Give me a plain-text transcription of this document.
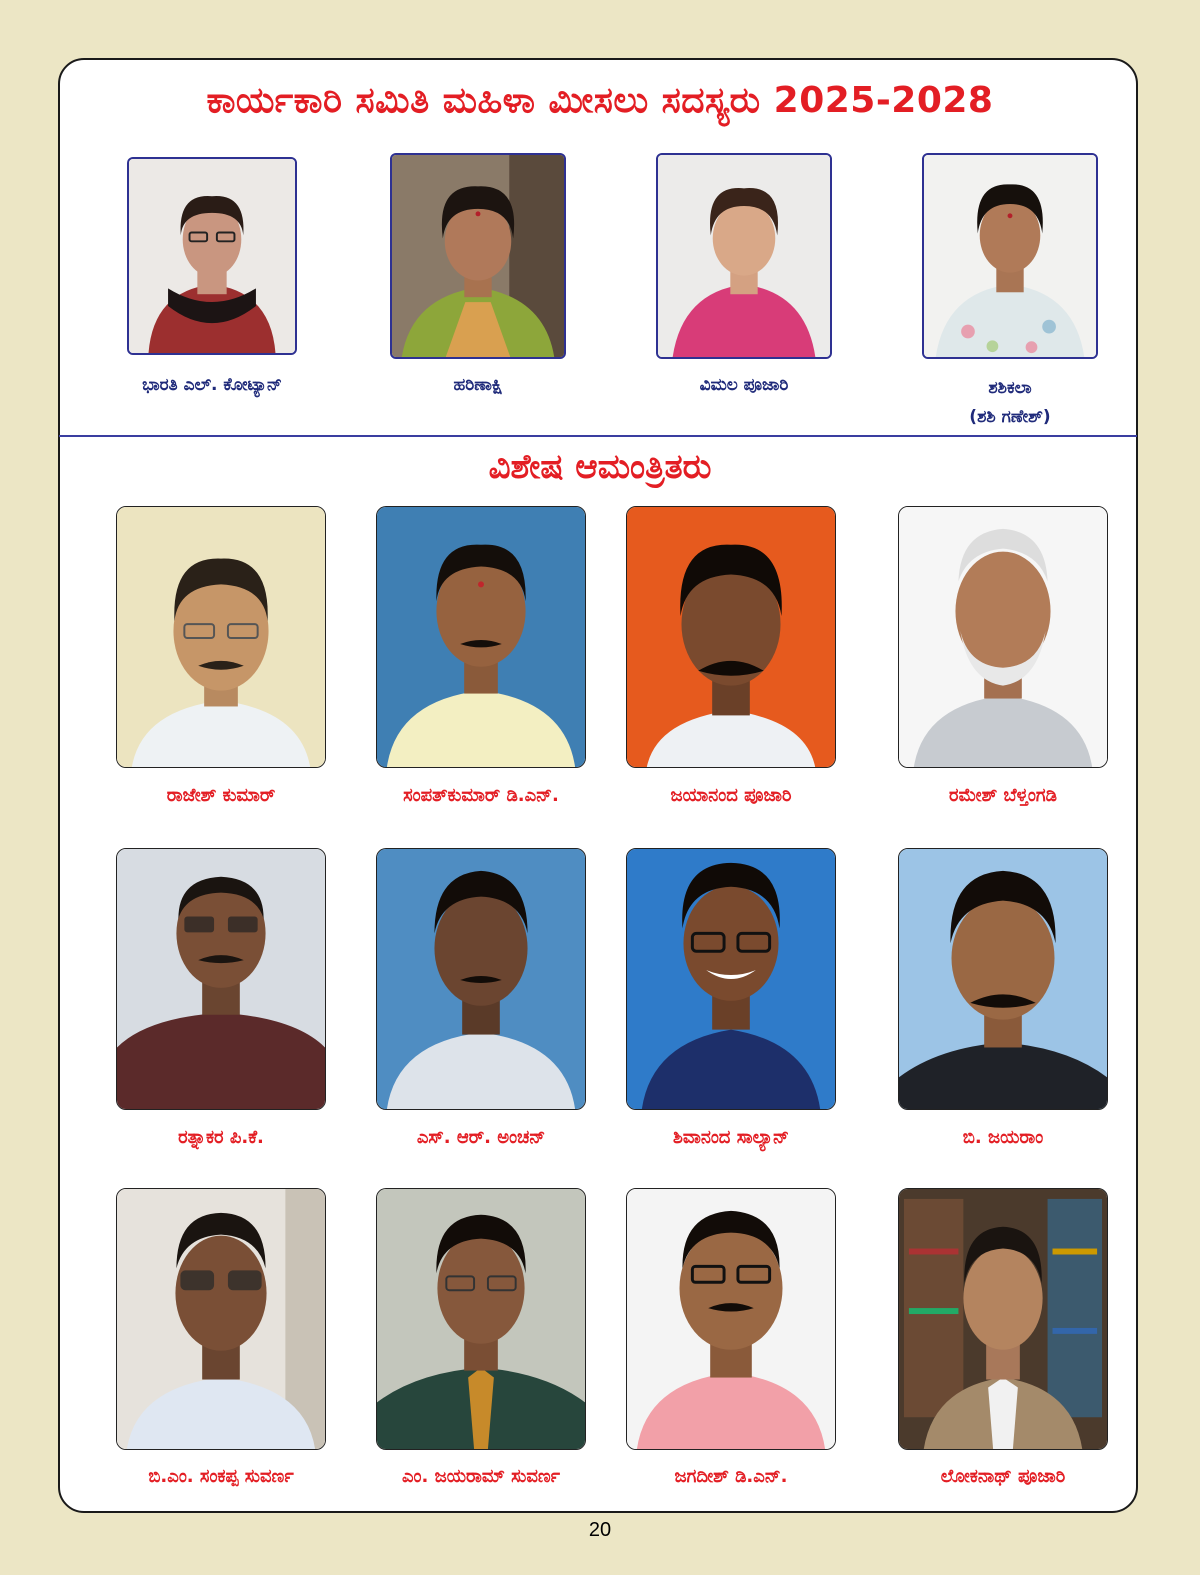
ಕಾರ್ಯಕಾರಿ ಸಮಿತಿ ಮಹಿಳಾ ಮೀಸಲು ಸದಸ್ಯರು 2025-2028
ಭಾರತಿ ಎಲ್. ಕೋಟ್ಯಾನ್	ಹರಿಣಾಕ್ಷಿ	ವಿಮಲ ಪೂಜಾರಿ	ಶಶಿಕಲಾ
(ಶಶಿ ಗಣೇಶ್)
ವಿಶೇಷ ಆಮಂತ್ರಿತರು
ರಾಜೇಶ್ ಕುಮಾರ್	ಸಂಪತ್‌ಕುಮಾರ್ ಡಿ.ಎನ್.	ಜಯಾನಂದ ಪೂಜಾರಿ	ರಮೇಶ್ ಬೆಳ್ತಂಗಡಿ
ರತ್ನಾಕರ ಪಿ.ಕೆ.	ಎಸ್. ಆರ್. ಅಂಚನ್	ಶಿವಾನಂದ ಸಾಲ್ಯಾನ್	ಬಿ. ಜಯರಾಂ
ಬಿ.ಎಂ. ಸಂಕಪ್ಪ ಸುವರ್ಣ	ಎಂ. ಜಯರಾಮ್ ಸುವರ್ಣ	ಜಗದೀಶ್ ಡಿ.ಎನ್.	ಲೋಕನಾಥ್ ಪೂಜಾರಿ
20
